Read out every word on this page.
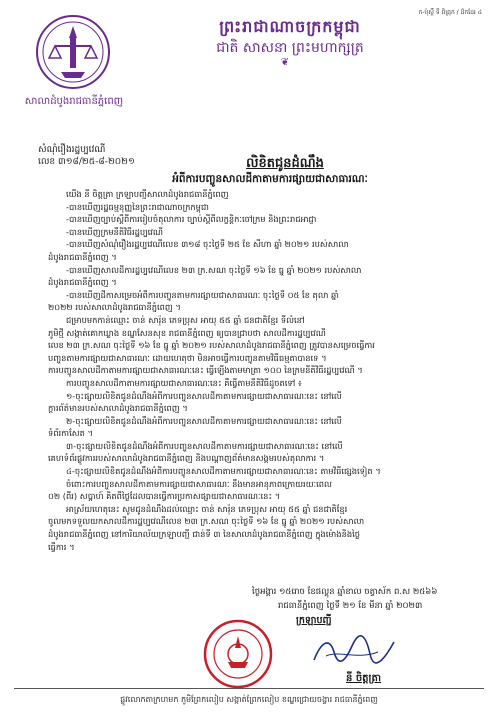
ក-ប៉ុស្តិ៍ ទី ពិព្រុក / ដ៏កដែរ ៤
ព្រះរាជាណាចក្រកម្ពុជា
ជាតិ សាសនា ព្រះមហាក្សត្រ
❦
សាលាដំបូងរាជធានីភ្នំពេញ
សំណុំរឿងរដ្ឋប្បវេណី
លេខ ៣១៨/២៥-៨-២០២១	លិខិតជូនដំណឹង
អំពីការបញ្ចូនសាលដីកាតាមការផ្សាយជាសាធារណៈ
យើង នី ចិត្តត្រា ក្រឡាបញ្ជីសាលាដំបូងរាជធានីភ្នំពេញ
-បានឃើញរដ្ឋធម្មនុញ្ញនៃព្រះរាជាណាចក្រកម្ពុជា
-បានឃើញច្បាប់ស្តីពីការរៀបចំតុលាការ ច្បាប់ស្តីពីលក្ខន្តិកៈចៅក្រម និងព្រះរាជអាជ្ញា
-បានឃើញក្រមនីតិវិធីរដ្ឋប្បវេណី
-បានឃើញសំណុំរឿងរដ្ឋប្បវេណីលេខ ៣១៨ ចុះថ្ងៃទី ២៥ ខែ សីហា ឆ្នាំ ២០២១ របស់សាលា
ដំបូងរាជធានីភ្នំពេញ ។
-បានឃើញសាលដីការដ្ឋប្បវេណីលេខ ២៣ ក្រ.សណ ចុះថ្ងៃទី ១៦ ខែ ធ្នូ ឆ្នាំ ២០២១ របស់សាលា
ដំបូងរាជធានីភ្នំពេញ ។
-បានឃើញដីកាសម្រេចអំពីការបញ្ចូនតាមការផ្សាយជាសាធារណៈ ចុះថ្ងៃទី ០៥ ខែ តុលា ឆ្នាំ
២០២២ របស់សាលាដំបូងរាជធានីភ្នំពេញ ។
ជម្រាបមកកាន់ឈ្មោះ ចាន់ សារ៉ុន ភេទប្រុស អាយុ ៥៥ ឆ្នាំ ជនជាតិខ្មែរ ទីលំនៅ
ភូមិថ្មី សង្កាត់គោកឃ្លាង ខណ្ឌសែនសុខ រាជធានីភ្នំពេញ ឲ្យបានជ្រាបថា សាលដីការដ្ឋប្បវេណី
លេខ ២៣ ក្រ.សណ ចុះថ្ងៃទី ១៦ ខែ ធ្នូ ឆ្នាំ ២០២១ របស់សាលាដំបូងរាជធានីភ្នំពេញ ត្រូវបានសម្រេចធ្វើការ
បញ្ចូនតាមការផ្សាយជាសាធារណៈ ដោយហេតុថា មិនអាចធ្វើការបញ្ចូនតាមវិធីធម្មតាបានទេ ។
ការបញ្ចូនសាលដីកាតាមការផ្សាយជាសាធារណៈនេះ ធ្វើឡើងតាមមាត្រា ១០០ នៃក្រមនីតិវិធីរដ្ឋប្បវេណី ។
ការបញ្ចូនសាលដីកាតាមការផ្សាយជាសាធារណៈនេះ គឺធ្វើតាមនីតិវិធីដូចតទៅ ៖
១-ចុះផ្សាយលិខិតជូនដំណឹងអំពីការបញ្ចូនសាលដីកាតាមការផ្សាយជាសាធារណៈនេះ នៅលើ
ក្តារព័ត៌មានរបស់សាលាដំបូងរាជធានីភ្នំពេញ ។
២-ចុះផ្សាយលិខិតជូនដំណឹងអំពីការបញ្ចូនសាលដីកាតាមការផ្សាយជាសាធារណៈនេះ នៅលើ
ទំព័រកាសែត ។
៣-ចុះផ្សាយលិខិតជូនដំណឹងអំពីការបញ្ចូនសាលដីកាតាមការផ្សាយជាសាធារណៈនេះ នៅលើ
គេហទំព័រផ្លូវការរបស់សាលាដំបូងរាជធានីភ្នំពេញ និងបណ្តាញព័ត៌មានសង្គមរបស់តុលាការ ។
៤-ចុះផ្សាយលិខិតជូនដំណឹងអំពីការបញ្ចូនសាលដីកាតាមការផ្សាយជាសាធារណៈនេះ តាមវិធីផ្សេងទៀត ។
ចំពោះការបញ្ចូនសាលដីកាតាមការផ្សាយជាសាធារណៈ នឹងមានអានុភាពក្រោយរយៈពេល
០២ (ពីរ) សប្តាហ៍ គិតពីថ្ងៃដែលបានធ្វើការប្រកាសផ្សាយជាសាធារណៈនេះ ។
អាស្រ័យហេតុនេះ សូមជូនដំណឹងដល់ឈ្មោះ ចាន់ សារ៉ុន ភេទប្រុស អាយុ ៥៥ ឆ្នាំ ជនជាតិខ្មែរ
ចូលមកទទួលយកសាលដីការដ្ឋប្បវេណីលេខ ២៣ ក្រ.សណ ចុះថ្ងៃទី ១៦ ខែ ធ្នូ ឆ្នាំ ២០២១ របស់សាលា
ដំបូងរាជធានីភ្នំពេញ នៅការិយាល័យក្រឡាបញ្ជី ជាន់ទី ៣ នៃសាលាដំបូងរាជធានីភ្នំពេញ ក្នុងម៉ោងនិងថ្ងៃ
ធ្វើការ ។
ថ្ងៃអង្គារ ១៥រោច ខែផល្គុន ឆ្នាំខាល ចត្វាស័ក ព.ស ២៥៦៦
រាជធានីភ្នំពេញ ថ្ងៃទី ២១ ខែ មីនា ឆ្នាំ ២០២៣
ក្រឡាបញ្ជី
នី ចិត្តត្រា
ផ្លូវលោកតាក្រហមក ភូមិព្រែកលៀប សង្កាត់ព្រែកលៀប ខណ្ឌជ្រោយចង្វារ រាជធានីភ្នំពេញ
